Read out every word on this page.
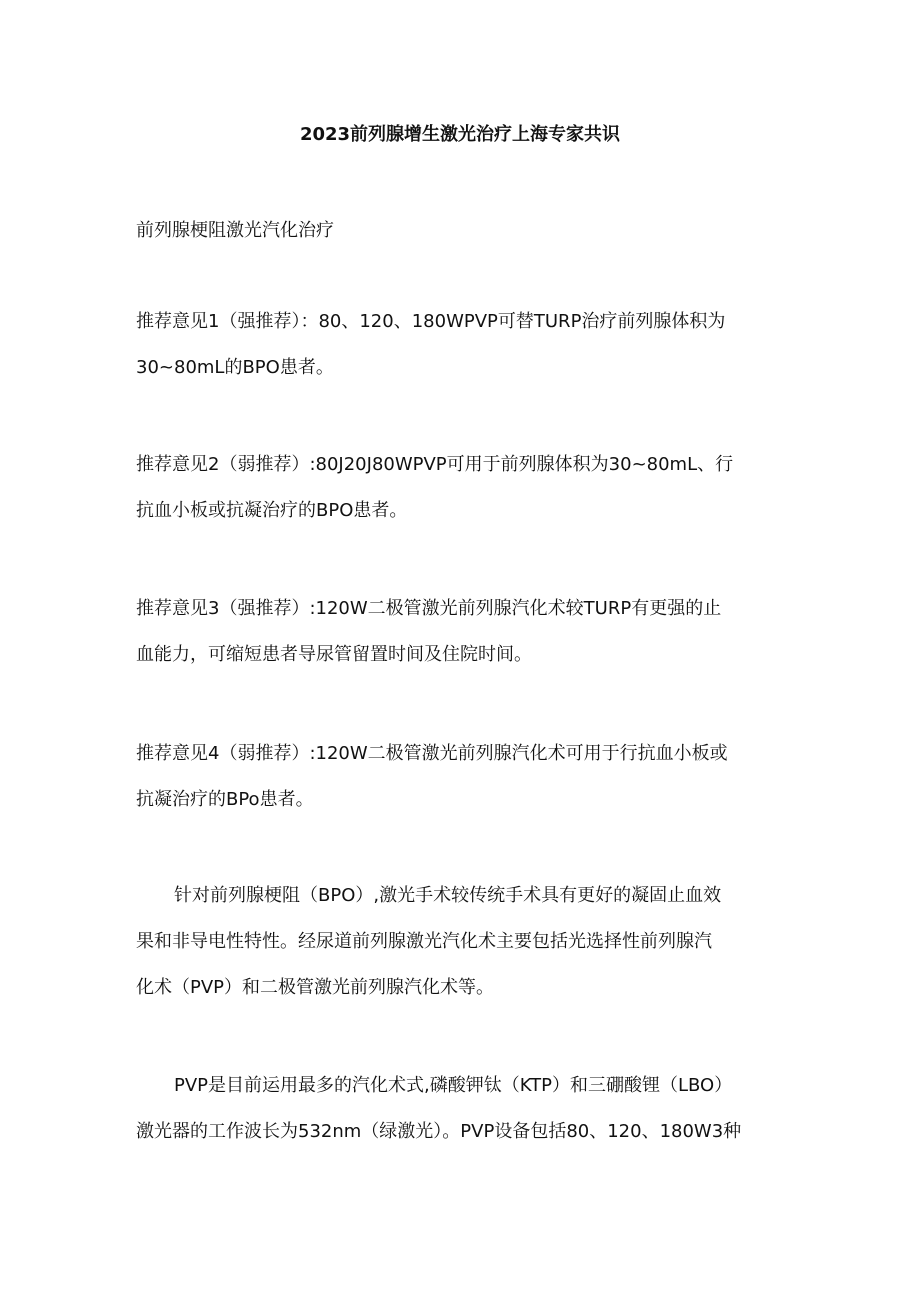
2023前列腺增生激光治疗上海专家共识

前列腺梗阻激光汽化治疗

推荐意见1（强推荐）：80、120、180WPVP可替TURP治疗前列腺体积为
30~80mL的BPO患者。

推荐意见2（弱推荐）:80J20J80WPVP可用于前列腺体积为30~80mL、行
抗血小板或抗凝治疗的BPO患者。

推荐意见3（强推荐）:120W二极管激光前列腺汽化术较TURP有更强的止
血能力，可缩短患者导尿管留置时间及住院时间。

推荐意见4（弱推荐）:120W二极管激光前列腺汽化术可用于行抗血小板或
抗凝治疗的BPo患者。

针对前列腺梗阻（BPO）,激光手术较传统手术具有更好的凝固止血效
果和非导电性特性。经尿道前列腺激光汽化术主要包括光选择性前列腺汽
化术（PVP）和二极管激光前列腺汽化术等。

PVP是目前运用最多的汽化术式,磷酸钾钛（KTP）和三硼酸锂（LBO）
激光器的工作波长为532nm（绿激光）。PVP设备包括80、120、180W3种
